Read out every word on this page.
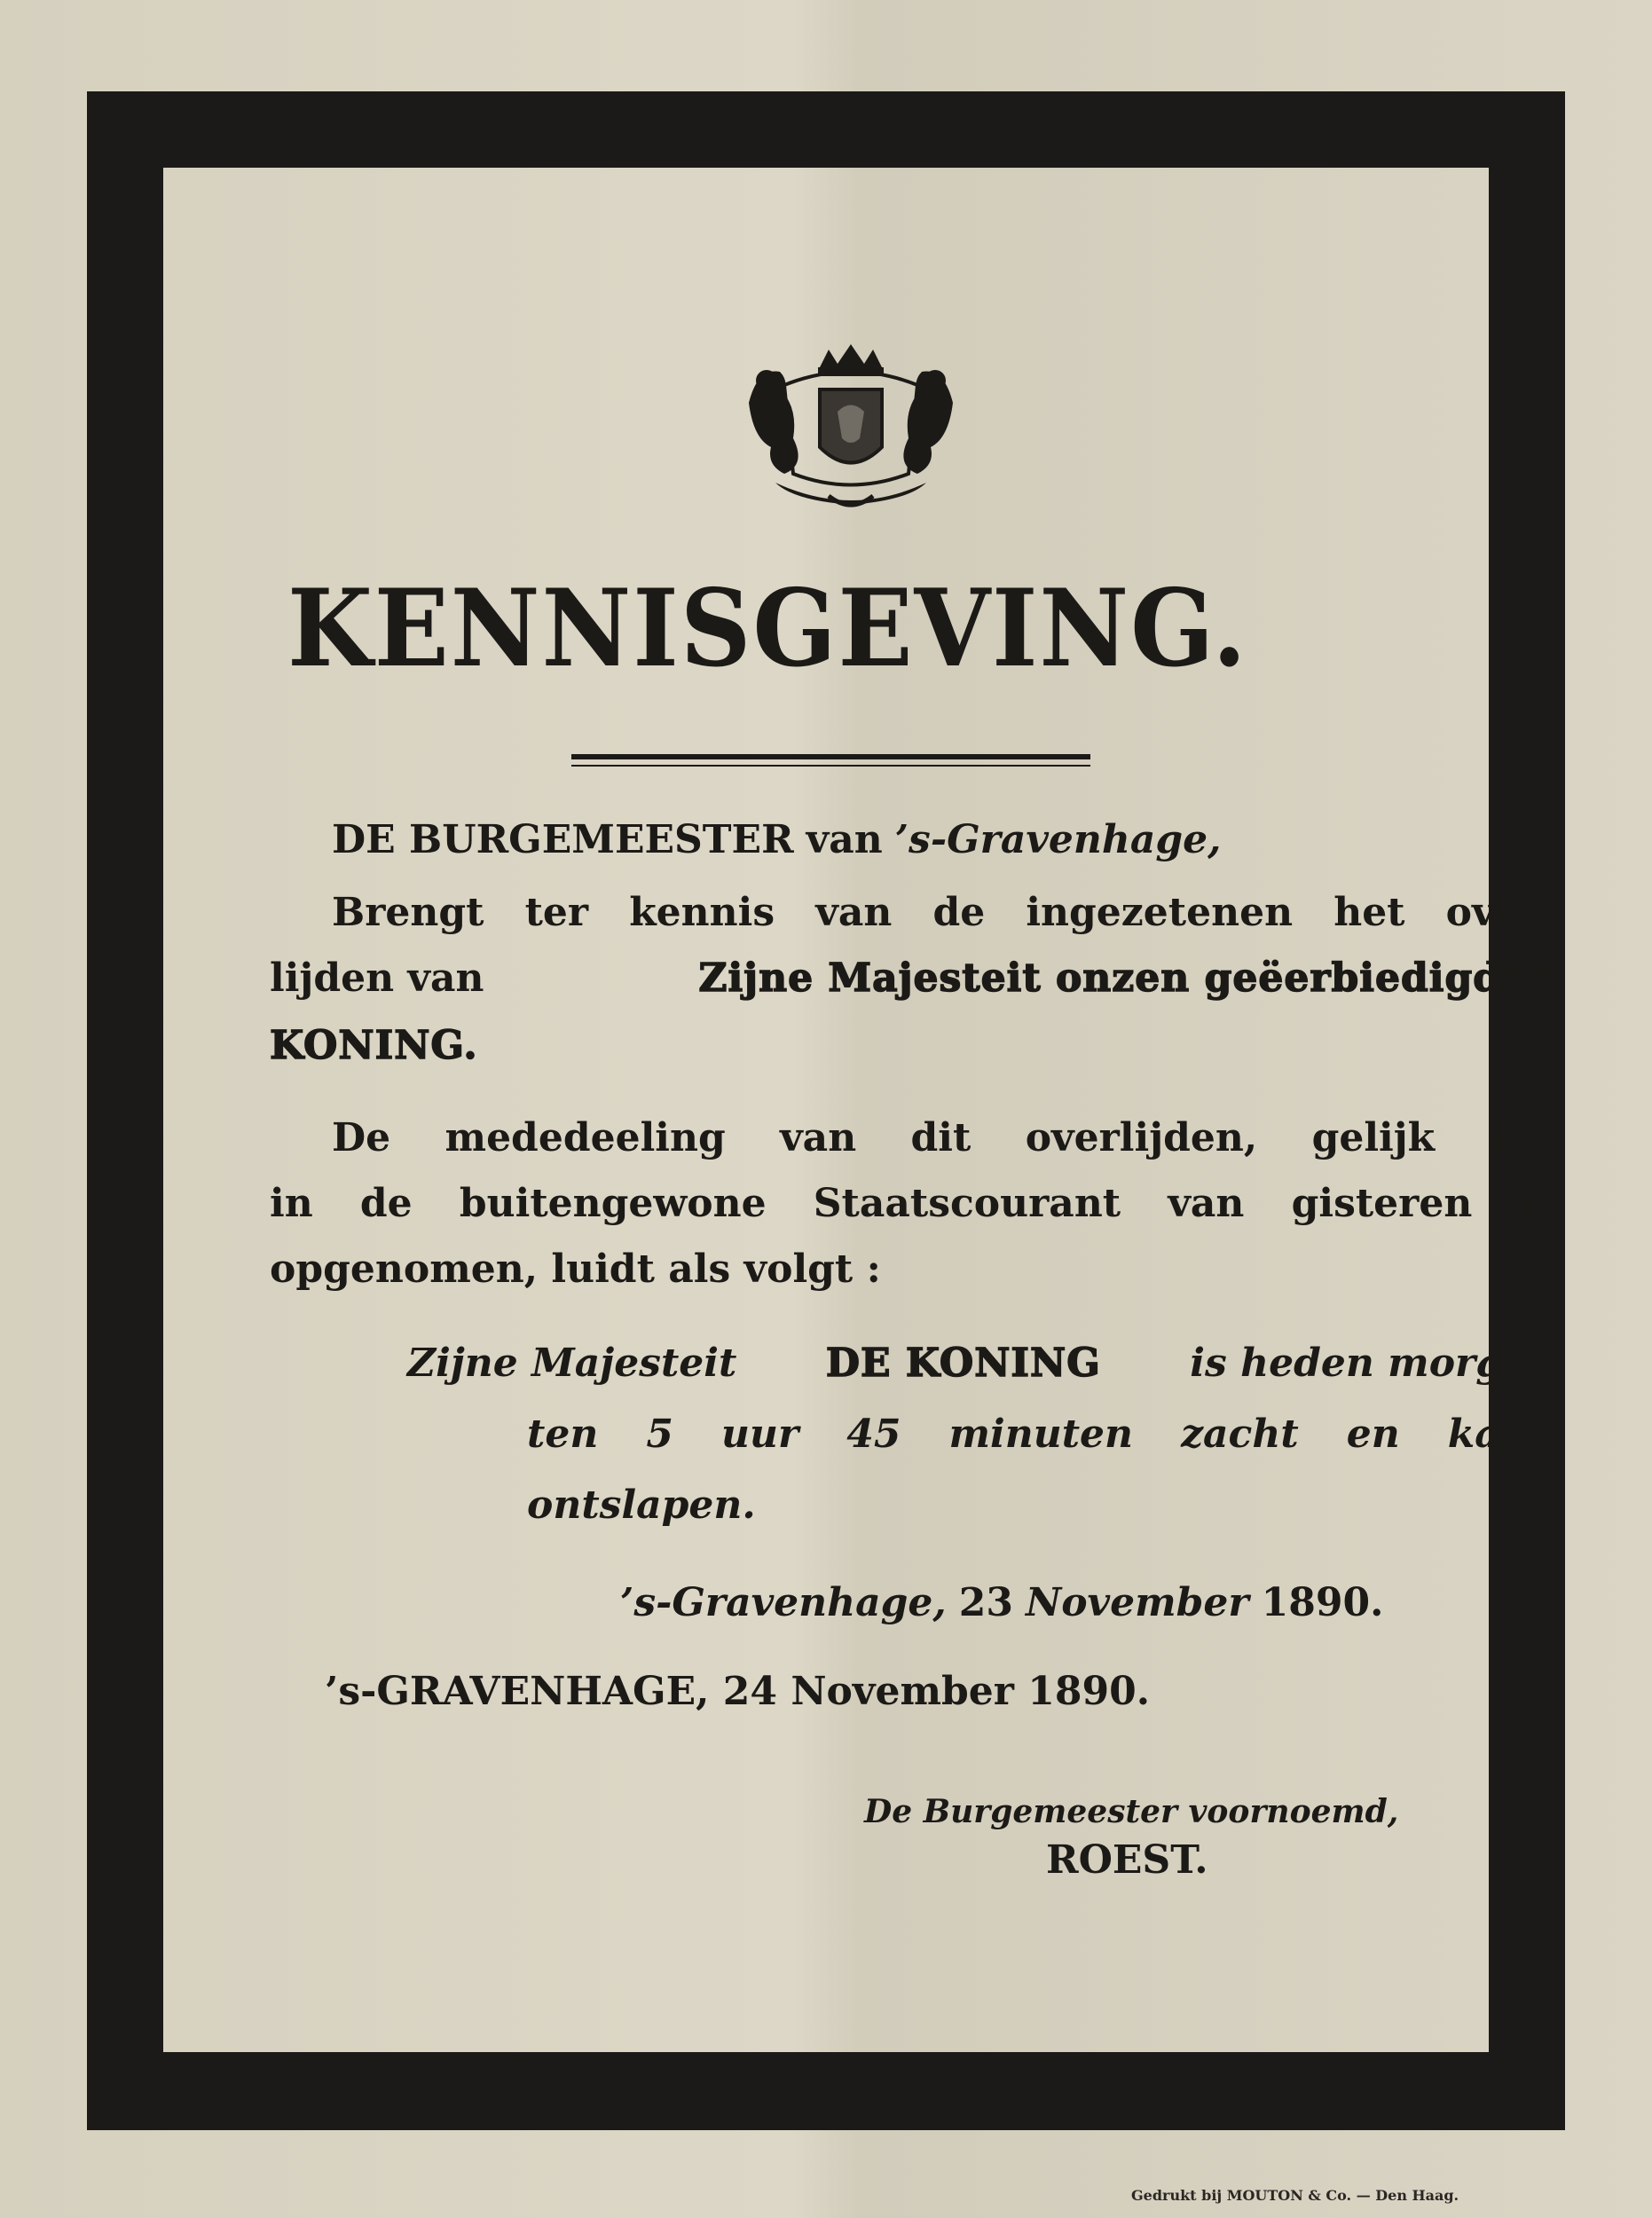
KENNISGEVING.
DE BURGEMEESTER van ’s-Gravenhage,
Brengt ter kennis van de ingezetenen het over-
lijden van	Zijne Majesteit onzen geëerbiedigden
KONING.
De mededeeling van dit overlijden, gelijk die
in de buitengewone Staatscourant van gisteren is
opgenomen, luidt als volgt :
Zijne Majesteit DE KONING is heden morgen
ten 5 uur 45 minuten zacht en kalm
ontslapen.
’s-Gravenhage, 23 November 1890.
’s-GRAVENHAGE, 24 November 1890.
De Burgemeester voornoemd,
ROEST.
Gedrukt bij MOUTON & Co. — Den Haag.
